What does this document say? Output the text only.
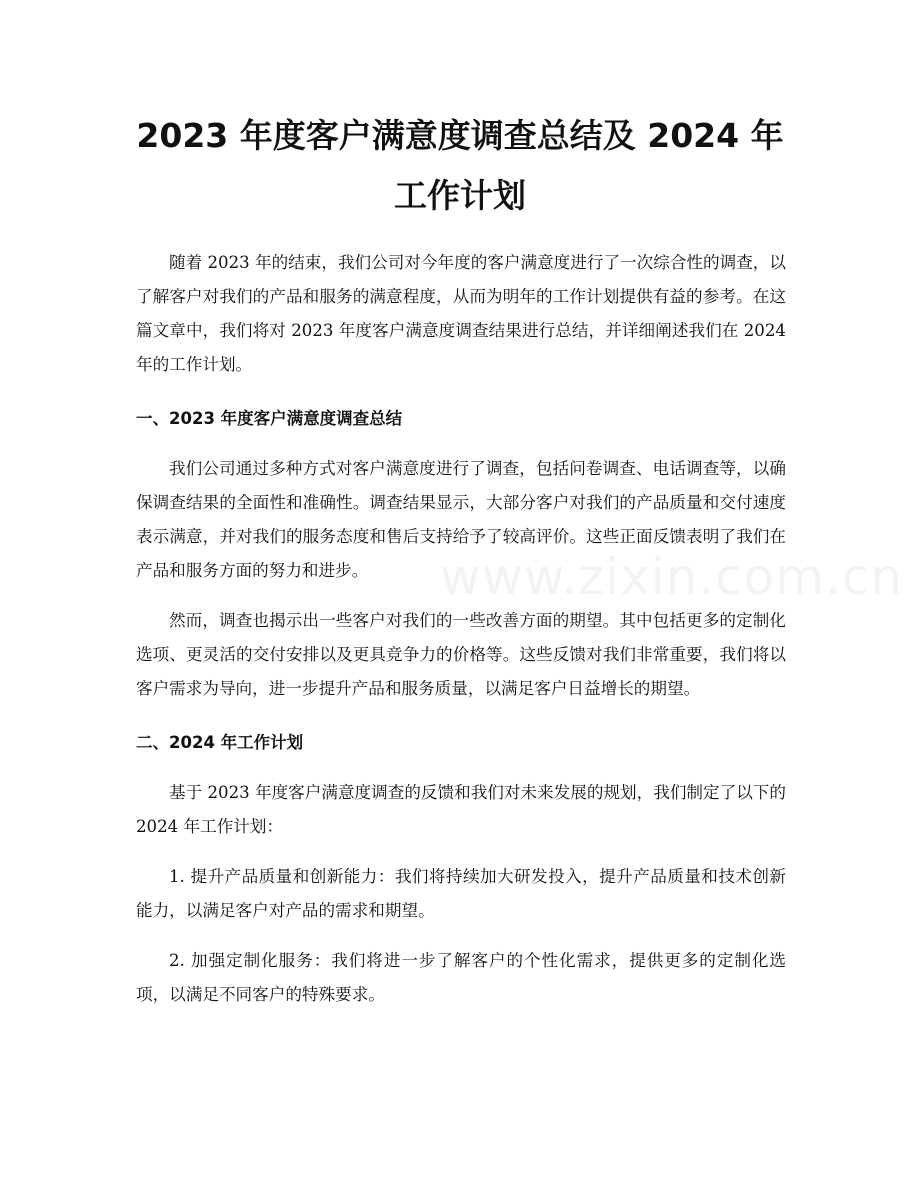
2023 年度客户满意度调查总结及 2024 年工作计划

随着 2023 年的结束，我们公司对今年度的客户满意度进行了一次综合性的调查，以了解客户对我们的产品和服务的满意程度，从而为明年的工作计划提供有益的参考。在这篇文章中，我们将对 2023 年度客户满意度调查结果进行总结，并详细阐述我们在 2024 年的工作计划。

一、2023 年度客户满意度调查总结

我们公司通过多种方式对客户满意度进行了调查，包括问卷调查、电话调查等，以确保调查结果的全面性和准确性。调查结果显示，大部分客户对我们的产品质量和交付速度表示满意，并对我们的服务态度和售后支持给予了较高评价。这些正面反馈表明了我们在产品和服务方面的努力和进步。

然而，调查也揭示出一些客户对我们的一些改善方面的期望。其中包括更多的定制化选项、更灵活的交付安排以及更具竞争力的价格等。这些反馈对我们非常重要，我们将以客户需求为导向，进一步提升产品和服务质量，以满足客户日益增长的期望。

二、2024 年工作计划

基于 2023 年度客户满意度调查的反馈和我们对未来发展的规划，我们制定了以下的 2024 年工作计划：

1. 提升产品质量和创新能力：我们将持续加大研发投入，提升产品质量和技术创新能力，以满足客户对产品的需求和期望。

2. 加强定制化服务：我们将进一步了解客户的个性化需求，提供更多的定制化选项，以满足不同客户的特殊要求。

www.zixin.com.cn
